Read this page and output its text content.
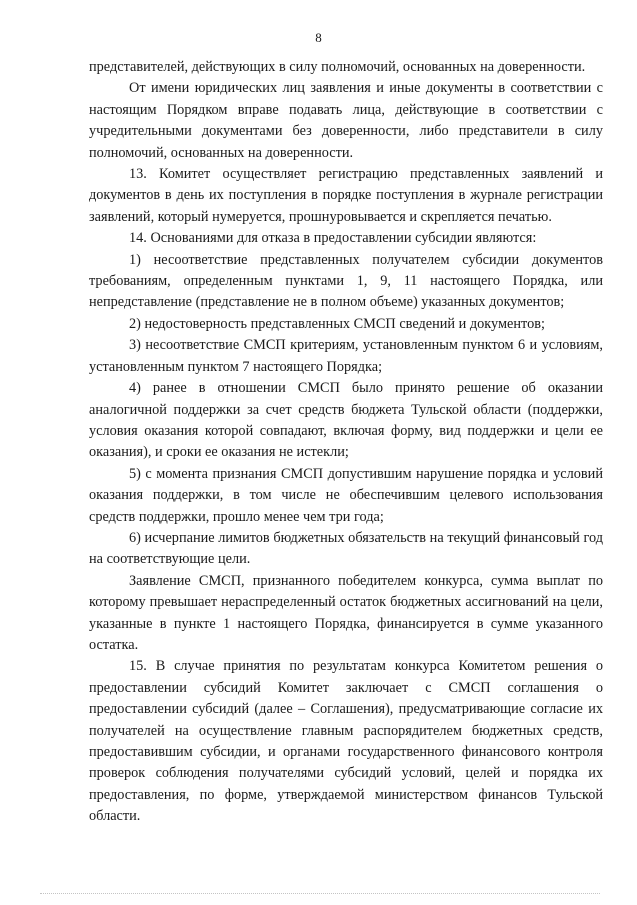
8

представителей, действующих в силу полномочий, основанных на доверенности.

От имени юридических лиц заявления и иные документы в соответствии с настоящим Порядком вправе подавать лица, действующие в соответствии с учредительными документами без доверенности, либо представители в силу полномочий, основанных на доверенности.

13. Комитет осуществляет регистрацию представленных заявлений и документов в день их поступления в порядке поступления в журнале регистрации заявлений, который нумеруется, прошнуровывается и скрепляется печатью.

14. Основаниями для отказа в предоставлении субсидии являются:

1) несоответствие представленных получателем субсидии документов требованиям, определенным пунктами 1, 9, 11 настоящего Порядка, или непредставление (представление не в полном объеме) указанных документов;

2) недостоверность представленных СМСП сведений и документов;

3) несоответствие СМСП критериям, установленным пунктом 6 и условиям, установленным пунктом 7 настоящего Порядка;

4) ранее в отношении СМСП было принято решение об оказании аналогичной поддержки за счет средств бюджета Тульской области (поддержки, условия оказания которой совпадают, включая форму, вид поддержки и цели ее оказания), и сроки ее оказания не истекли;

5) с момента признания СМСП допустившим нарушение порядка и условий оказания поддержки, в том числе не обеспечившим целевого использования средств поддержки, прошло менее чем три года;

6) исчерпание лимитов бюджетных обязательств на текущий финансовый год на соответствующие цели.

Заявление СМСП, признанного победителем конкурса, сумма выплат по которому превышает нераспределенный остаток бюджетных ассигнований на цели, указанные в пункте 1 настоящего Порядка, финансируется в сумме указанного остатка.

15. В случае принятия по результатам конкурса Комитетом решения о предоставлении субсидий Комитет заключает с СМСП соглашения о предоставлении субсидий (далее – Соглашения), предусматривающие согласие их получателей на осуществление главным распорядителем бюджетных средств, предоставившим субсидии, и органами государственного финансового контроля проверок соблюдения получателями субсидий условий, целей и порядка их предоставления, по форме, утверждаемой министерством финансов Тульской области.
